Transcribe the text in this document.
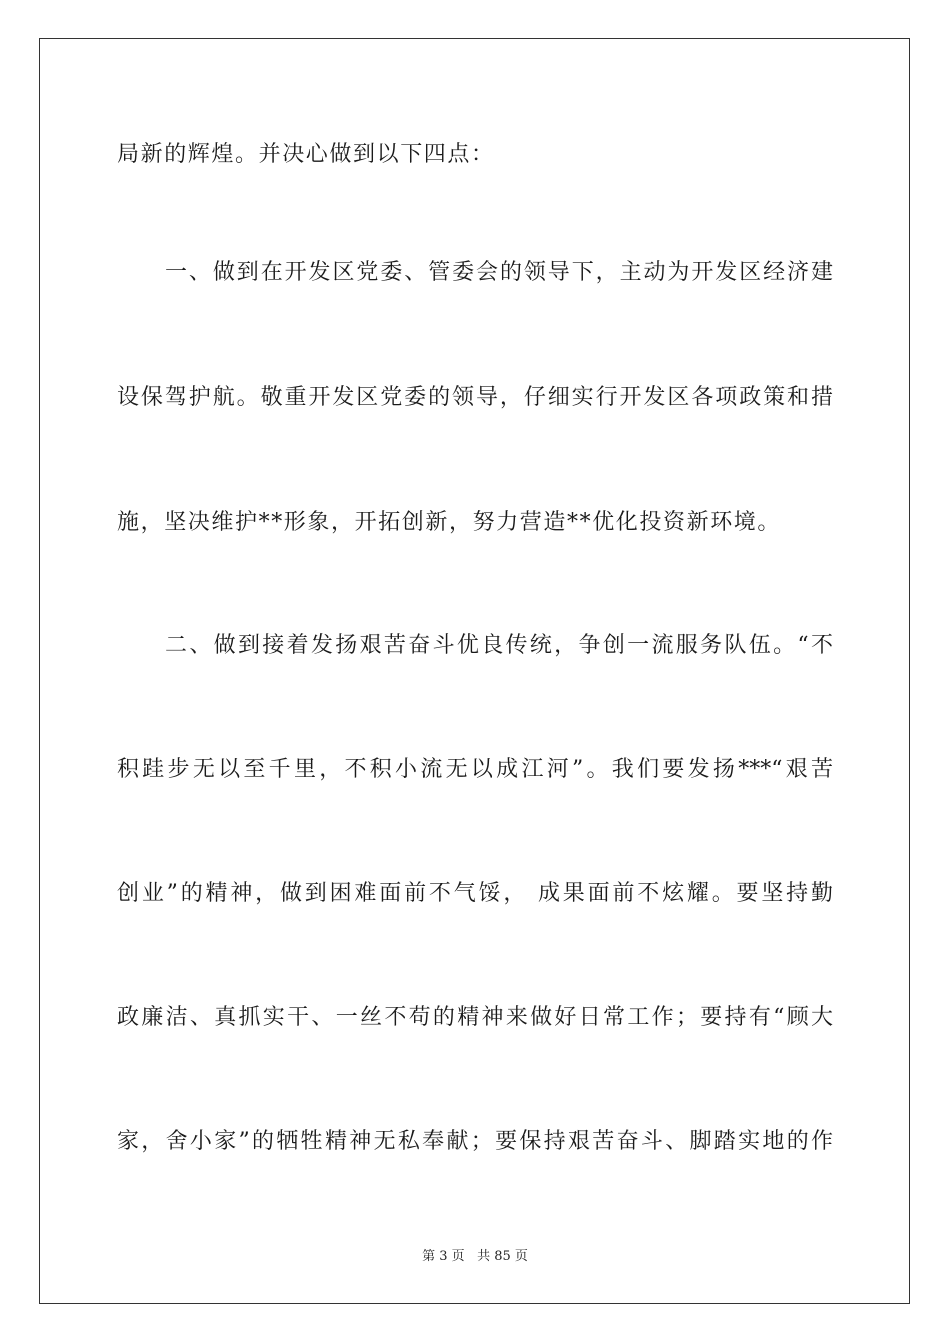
局新的辉煌。并决心做到以下四点：
一、做到在开发区党委、管委会的领导下，主动为开发区经济建
设保驾护航。敬重开发区党委的领导，仔细实行开发区各项政策和措
施，坚决维护**形象，开拓创新，努力营造**优化投资新环境。
二、做到接着发扬艰苦奋斗优良传统，争创一流服务队伍。“不
积跬步无以至千里，不积小流无以成江河”。我们要发扬***“艰苦
创业”的精神，做到困难面前不气馁， 成果面前不炫耀。要坚持勤
政廉洁、真抓实干、一丝不苟的精神来做好日常工作；要持有“顾大
家，舍小家”的牺牲精神无私奉献；要保持艰苦奋斗、脚踏实地的作
第 3 页 共 85 页
